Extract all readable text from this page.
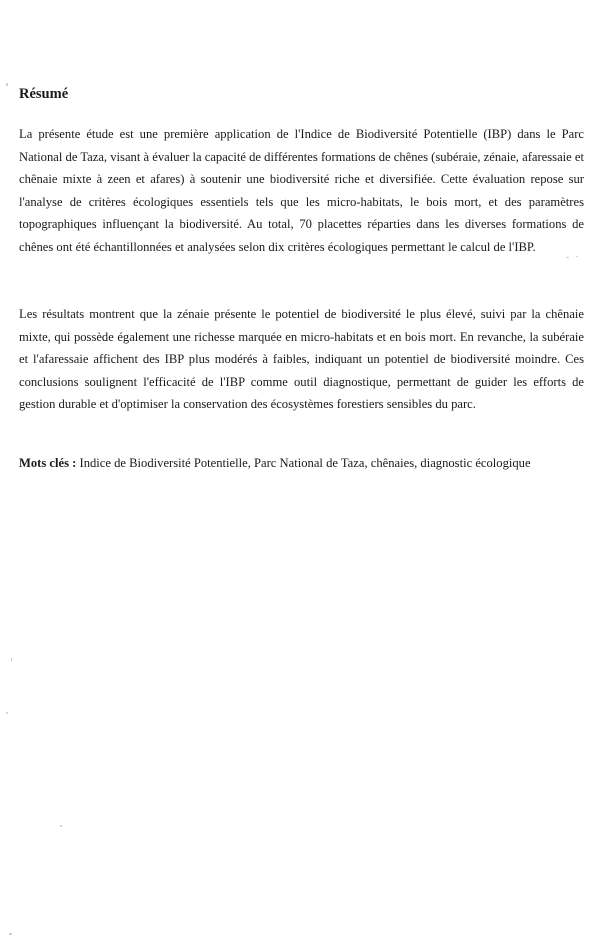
Résumé

La présente étude est une première application de l'Indice de Biodiversité Potentielle (IBP) dans le Parc National de Taza, visant à évaluer la capacité de différentes formations de chênes (subéraie, zénaie, afaressaie et chênaie mixte à zeen et afares) à soutenir une biodiversité riche et diversifiée. Cette évaluation repose sur l'analyse de critères écologiques essentiels tels que les micro-habitats, le bois mort, et des paramètres topographiques influençant la biodiversité. Au total, 70 placettes réparties dans les diverses formations de chênes ont été échantillonnées et analysées selon dix critères écologiques permettant le calcul de l'IBP.

Les résultats montrent que la zénaie présente le potentiel de biodiversité le plus élevé, suivi par la chênaie mixte, qui possède également une richesse marquée en micro-habitats et en bois mort. En revanche, la subéraie et l'afaressaie affichent des IBP plus modérés à faibles, indiquant un potentiel de biodiversité moindre. Ces conclusions soulignent l'efficacité de l'IBP comme outil diagnostique, permettant de guider les efforts de gestion durable et d'optimiser la conservation des écosystèmes forestiers sensibles du parc.

Mots clés : Indice de Biodiversité Potentielle, Parc National de Taza, chênaies, diagnostic écologique
